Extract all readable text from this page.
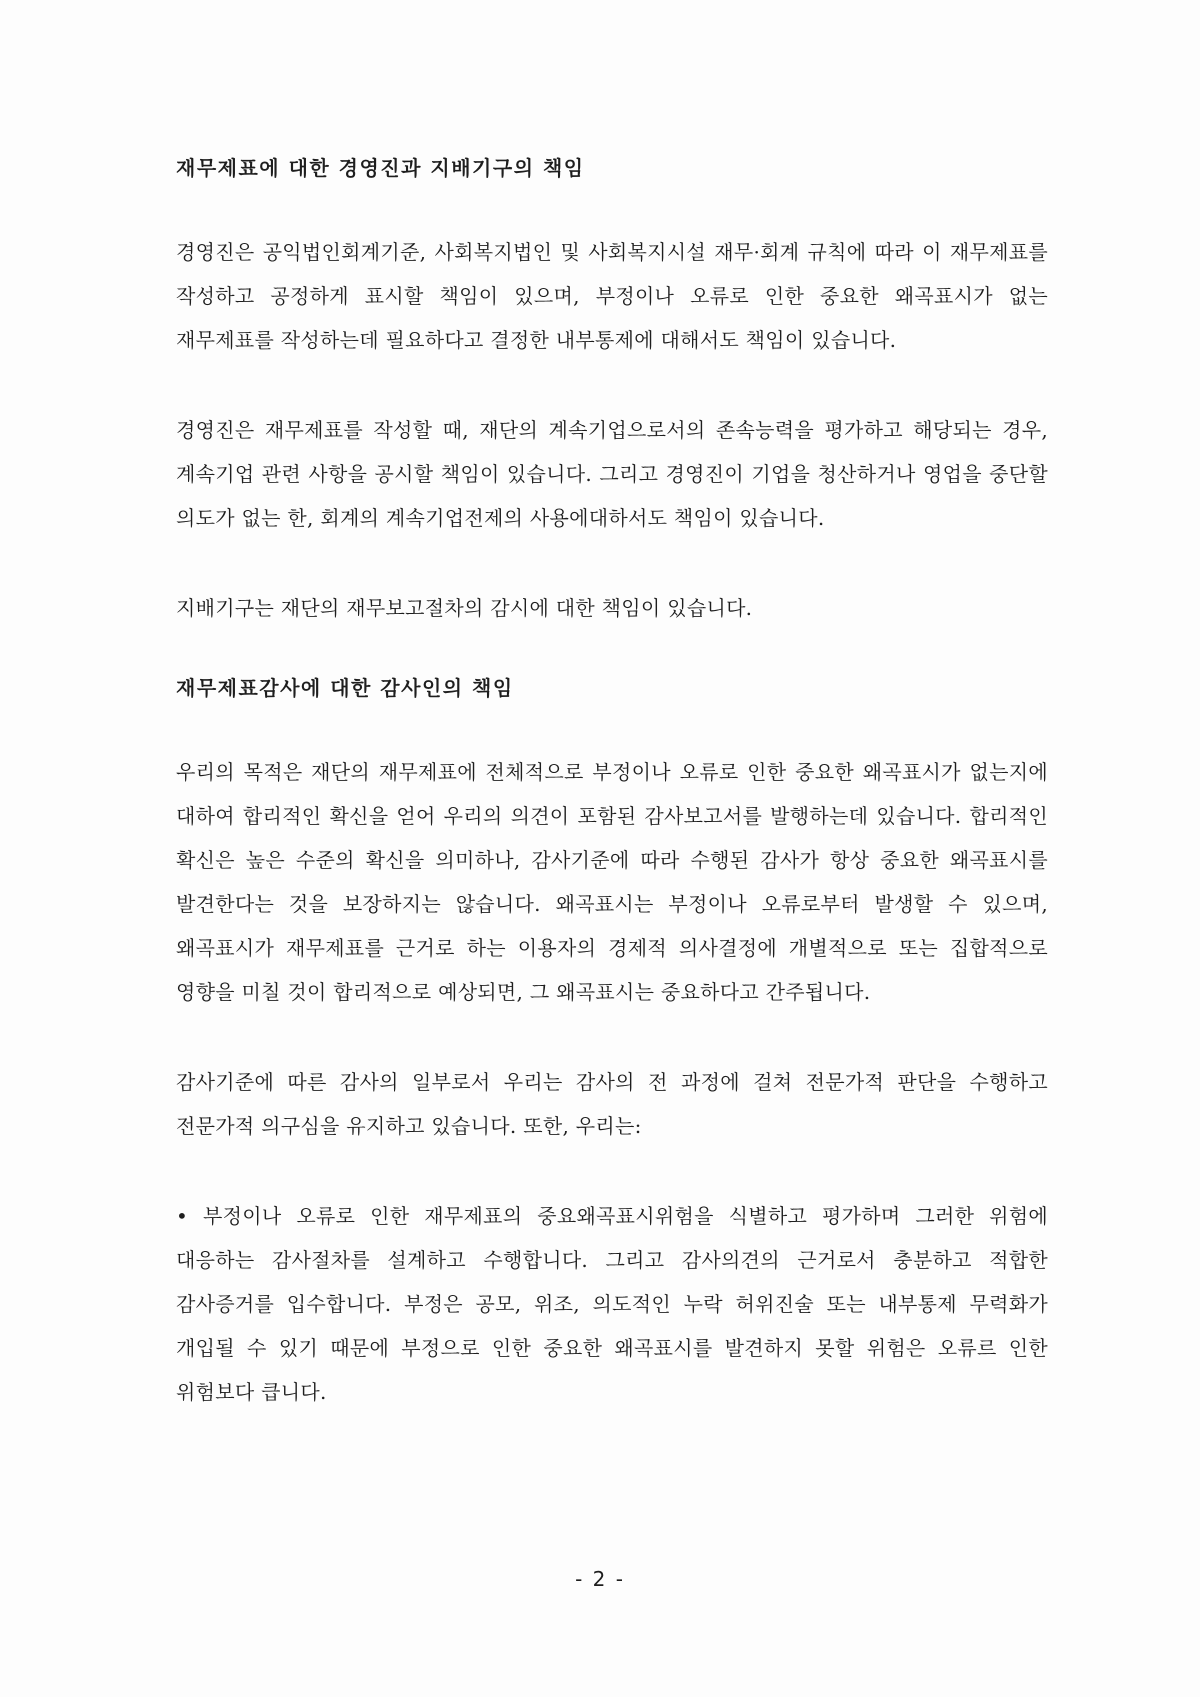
재무제표에 대한 경영진과 지배기구의 책임

경영진은 공익법인회계기준, 사회복지법인 및 사회복지시설 재무·회계 규칙에 따라 이 재무제표를 작성하고 공정하게 표시할 책임이 있으며, 부정이나 오류로 인한 중요한 왜곡표시가 없는 재무제표를 작성하는데 필요하다고 결정한 내부통제에 대해서도 책임이 있습니다.

경영진은 재무제표를 작성할 때, 재단의 계속기업으로서의 존속능력을 평가하고 해당되는 경우, 계속기업 관련 사항을 공시할 책임이 있습니다. 그리고 경영진이 기업을 청산하거나 영업을 중단할 의도가 없는 한, 회계의 계속기업전제의 사용에대하서도 책임이 있습니다.

지배기구는 재단의 재무보고절차의 감시에 대한 책임이 있습니다.

재무제표감사에 대한 감사인의 책임

우리의 목적은 재단의 재무제표에 전체적으로 부정이나 오류로 인한 중요한 왜곡표시가 없는지에 대하여 합리적인 확신을 얻어 우리의 의견이 포함된 감사보고서를 발행하는데 있습니다. 합리적인 확신은 높은 수준의 확신을 의미하나, 감사기준에 따라 수행된 감사가 항상 중요한 왜곡표시를 발견한다는 것을 보장하지는 않습니다. 왜곡표시는 부정이나 오류로부터 발생할 수 있으며, 왜곡표시가 재무제표를 근거로 하는 이용자의 경제적 의사결정에 개별적으로 또는 집합적으로 영향을 미칠 것이 합리적으로 예상되면, 그 왜곡표시는 중요하다고 간주됩니다.

감사기준에 따른 감사의 일부로서 우리는 감사의 전 과정에 걸쳐 전문가적 판단을 수행하고 전문가적 의구심을 유지하고 있습니다. 또한, 우리는:

• 부정이나 오류로 인한 재무제표의 중요왜곡표시위험을 식별하고 평가하며 그러한 위험에 대응하는 감사절차를 설계하고 수행합니다. 그리고 감사의견의 근거로서 충분하고 적합한 감사증거를 입수합니다. 부정은 공모, 위조, 의도적인 누락 허위진술 또는 내부통제 무력화가 개입될 수 있기 때문에 부정으로 인한 중요한 왜곡표시를 발견하지 못할 위험은 오류르 인한 위험보다 큽니다.

- 2 -
